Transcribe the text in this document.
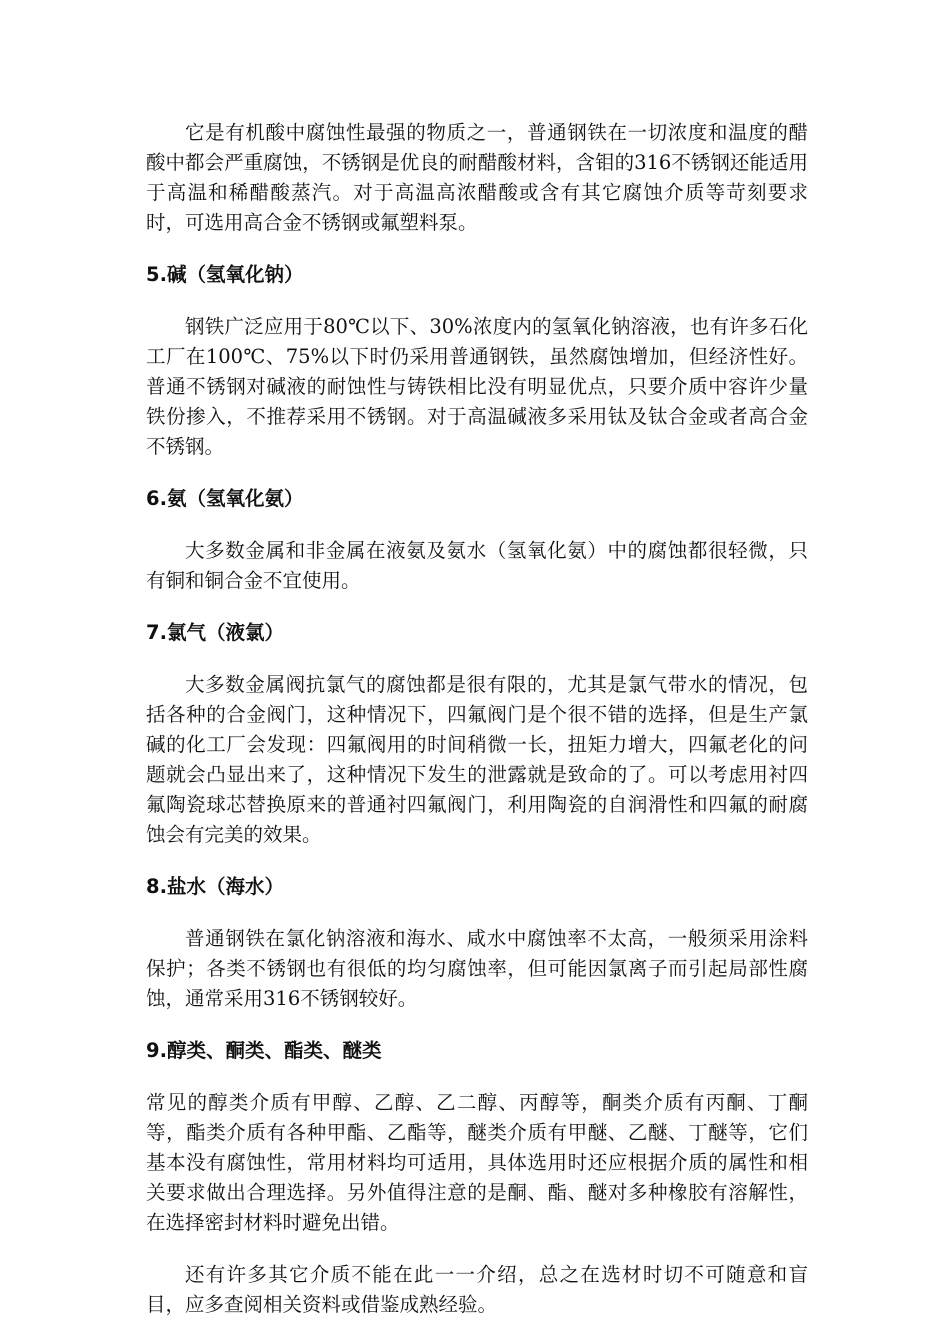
它是有机酸中腐蚀性最强的物质之一，普通钢铁在一切浓度和温度的醋酸中都会严重腐蚀，不锈钢是优良的耐醋酸材料，含钼的316不锈钢还能适用于高温和稀醋酸蒸汽。对于高温高浓醋酸或含有其它腐蚀介质等苛刻要求时，可选用高合金不锈钢或氟塑料泵。

5.碱（氢氧化钠）

钢铁广泛应用于80℃以下、30%浓度内的氢氧化钠溶液，也有许多石化工厂在100℃、75%以下时仍采用普通钢铁，虽然腐蚀增加，但经济性好。普通不锈钢对碱液的耐蚀性与铸铁相比没有明显优点，只要介质中容许少量铁份掺入，不推荐采用不锈钢。对于高温碱液多采用钛及钛合金或者高合金不锈钢。

6.氨（氢氧化氨）

大多数金属和非金属在液氨及氨水（氢氧化氨）中的腐蚀都很轻微，只有铜和铜合金不宜使用。

7.氯气（液氯）

大多数金属阀抗氯气的腐蚀都是很有限的，尤其是氯气带水的情况，包括各种的合金阀门，这种情况下，四氟阀门是个很不错的选择，但是生产氯碱的化工厂会发现：四氟阀用的时间稍微一长，扭矩力增大，四氟老化的问题就会凸显出来了，这种情况下发生的泄露就是致命的了。可以考虑用衬四氟陶瓷球芯替换原来的普通衬四氟阀门，利用陶瓷的自润滑性和四氟的耐腐蚀会有完美的效果。

8.盐水（海水）

普通钢铁在氯化钠溶液和海水、咸水中腐蚀率不太高，一般须采用涂料保护；各类不锈钢也有很低的均匀腐蚀率，但可能因氯离子而引起局部性腐蚀，通常采用316不锈钢较好。

9.醇类、酮类、酯类、醚类

常见的醇类介质有甲醇、乙醇、乙二醇、丙醇等，酮类介质有丙酮、丁酮等，酯类介质有各种甲酯、乙酯等，醚类介质有甲醚、乙醚、丁醚等，它们基本没有腐蚀性，常用材料均可适用，具体选用时还应根据介质的属性和相关要求做出合理选择。另外值得注意的是酮、酯、醚对多种橡胶有溶解性，在选择密封材料时避免出错。

还有许多其它介质不能在此一一介绍，总之在选材时切不可随意和盲目，应多查阅相关资料或借鉴成熟经验。
